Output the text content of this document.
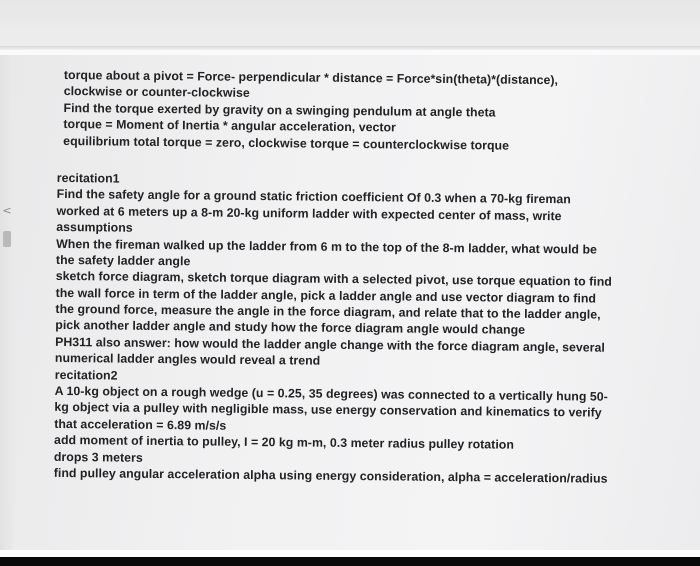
<
torque about a pivot = Force- perpendicular * distance = Force*sin(theta)*(distance),
clockwise or counter-clockwise
Find the torque exerted by gravity on a swinging pendulum at angle theta
torque = Moment of Inertia * angular acceleration, vector
equilibrium total torque = zero, clockwise torque = counterclockwise torque
recitation1
Find the safety angle for a ground static friction coefficient Of 0.3 when a 70-kg fireman
worked at 6 meters up a 8-m 20-kg uniform ladder with expected center of mass, write
assumptions
When the fireman walked up the ladder from 6 m to the top of the 8-m ladder, what would be
the safety ladder angle
sketch force diagram, sketch torque diagram with a selected pivot, use torque equation to find
the wall force in term of the ladder angle, pick a ladder angle and use vector diagram to find
the ground force, measure the angle in the force diagram, and relate that to the ladder angle,
pick another ladder angle and study how the force diagram angle would change
PH311 also answer: how would the ladder angle change with the force diagram angle, several
numerical ladder angles would reveal a trend
recitation2
A 10-kg object on a rough wedge (u = 0.25, 35 degrees) was connected to a vertically hung 50-
kg object via a pulley with negligible mass, use energy conservation and kinematics to verify
that acceleration = 6.89 m/s/s
add moment of inertia to pulley, I = 20 kg m-m, 0.3 meter radius pulley rotation
drops 3 meters
find pulley angular acceleration alpha using energy consideration, alpha = acceleration/radius
